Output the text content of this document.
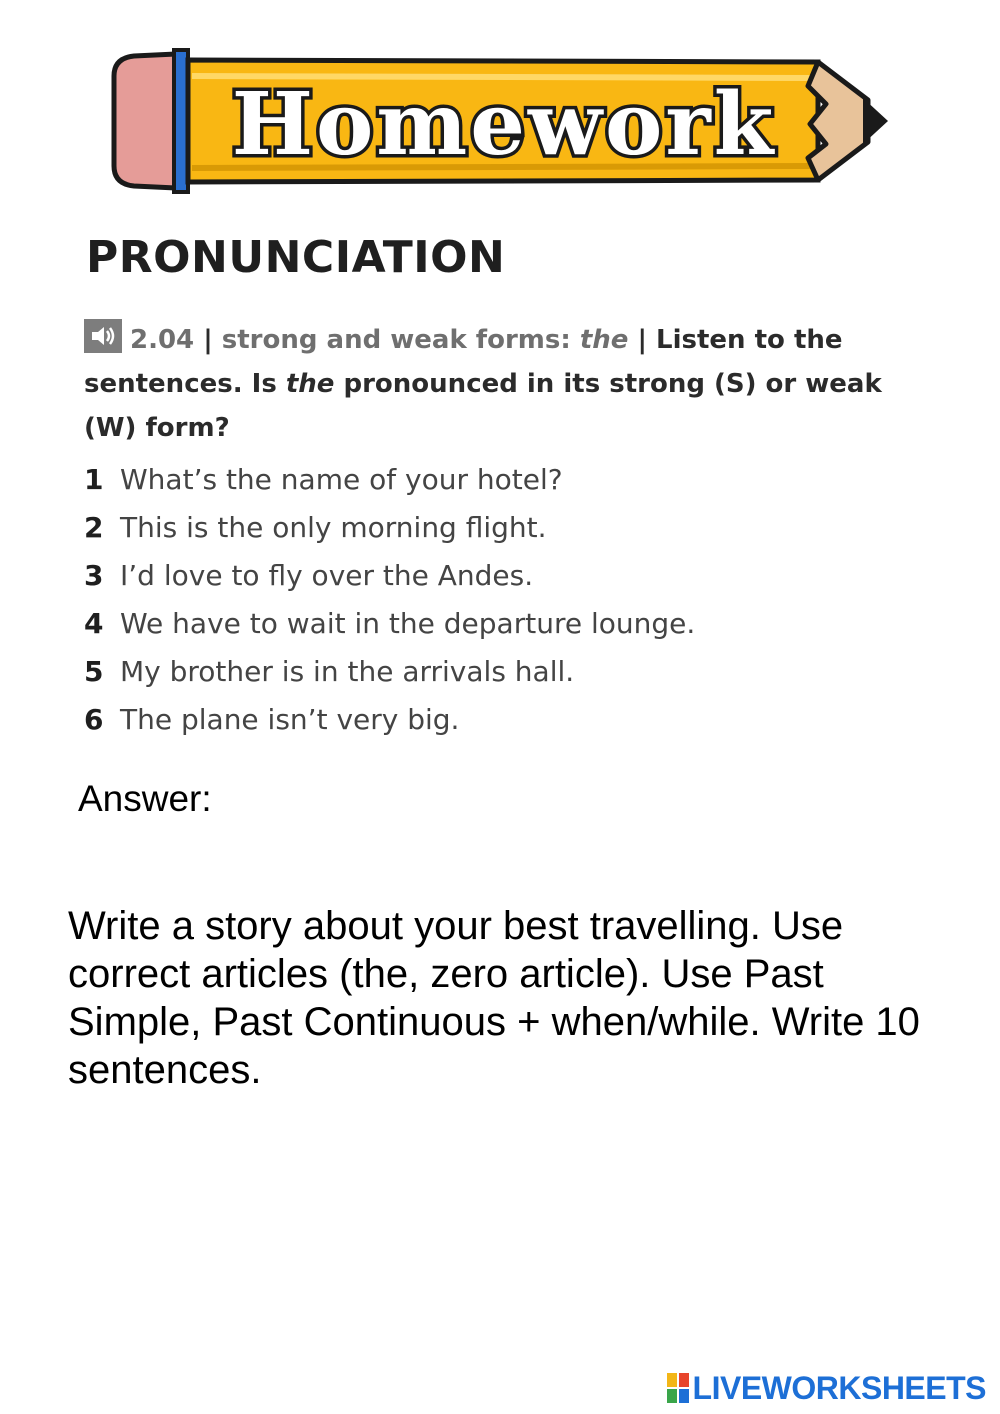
Homework
PRONUNCIATION
2.04 | strong and weak forms: the | Listen to the sentences. Is the pronounced in its strong (S) or weak (W) form?
1 What’s the name of your hotel?
2 This is the only morning flight.
3 I’d love to fly over the Andes.
4 We have to wait in the departure lounge.
5 My brother is in the arrivals hall.
6 The plane isn’t very big.
Answer:

Write a story about your best travelling. Use correct articles (the, zero article). Use Past Simple, Past Continuous + when/while. Write 10 sentences.

LIVEWORKSHEETS
